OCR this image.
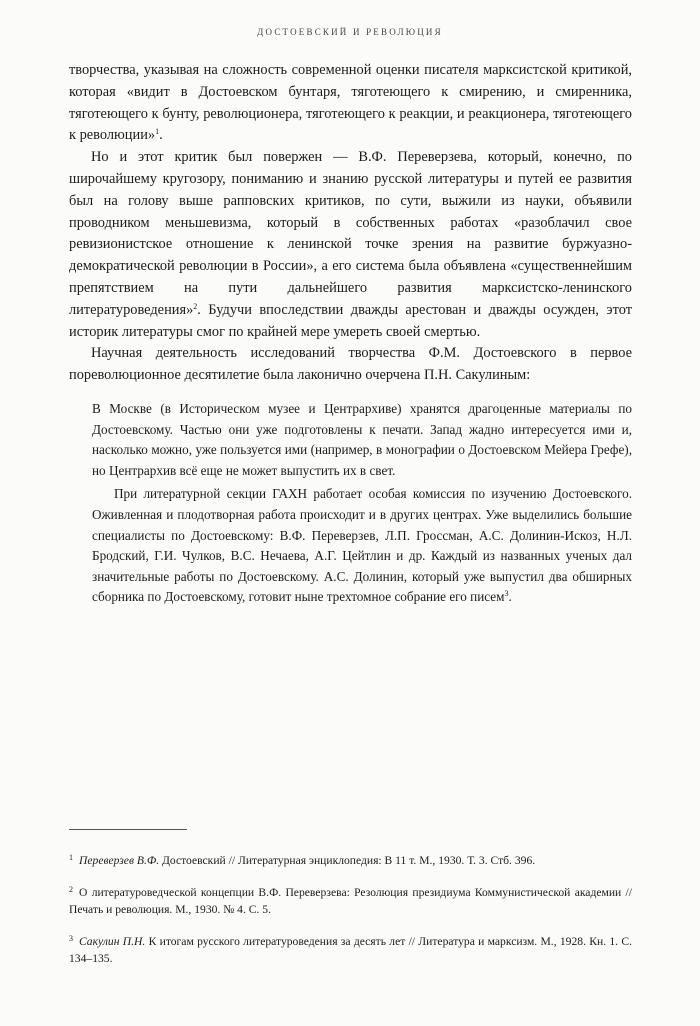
ДОСТОЕВСКИЙ И РЕВОЛЮЦИЯ

творчества, указывая на сложность современной оценки писателя марксистской критикой, которая «видит в Достоевском бунтаря, тяготеющего к смирению, и смиренника, тяготеющего к бунту, революционера, тяготеющего к реакции, и реакционера, тяготеющего к революции»$^1$.

Но и этот критик был повержен — В.Ф. Переверзева, который, конечно, по широчайшему кругозору, пониманию и знанию русской литературы и путей ее развития был на голову выше рапповских критиков, по сути, выжили из науки, объявили проводником меньшевизма, который в собственных работах «разоблачил свое ревизионистское отношение к ленинской точке зрения на развитие буржуазно-демократической революции в России», а его система была объявлена «существеннейшим препятствием на пути дальнейшего развития марксистско-ленинского литературоведения»$^2$. Будучи впоследствии дважды арестован и дважды осужден, этот историк литературы смог по крайней мере умереть своей смертью.

Научная деятельность исследований творчества Ф.М. Достоевского в первое пореволюционное десятилетие была лаконично очерчена П.Н. Сакулиным:

В Москве (в Историческом музее и Центрархиве) хранятся драгоценные материалы по Достоевскому. Частью они уже подготовлены к печати. Запад жадно интересуется ими и, насколько можно, уже пользуется ими (например, в монографии о Достоевском Мейера Грефе), но Центрархив всё еще не может выпустить их в свет.

При литературной секции ГАХН работает особая комиссия по изучению Достоевского. Оживленная и плодотворная работа происходит и в других центрах. Уже выделились большие специалисты по Достоевскому: В.Ф. Переверзев, Л.П. Гроссман, А.С. Долинин-Искоз, Н.Л. Бродский, Г.И. Чулков, В.С. Нечаева, А.Г. Цейтлин и др. Каждый из названных ученых дал значительные работы по Достоевскому. А.С. Долинин, который уже выпустил два обширных сборника по Достоевскому, готовит ныне трехтомное собрание его писем$^3$.

$^1$ Переверзев В.Ф. Достоевский // Литературная энциклопедия: В 11 т. М., 1930. Т. 3. Стб. 396.

$^2$ О литературоведческой концепции В.Ф. Переверзева: Резолюция президиума Коммунистической академии // Печать и революция. М., 1930. № 4. С. 5.

$^3$ Сакулин П.Н. К итогам русского литературоведения за десять лет // Литература и марксизм. М., 1928. Кн. 1. С. 134–135.
